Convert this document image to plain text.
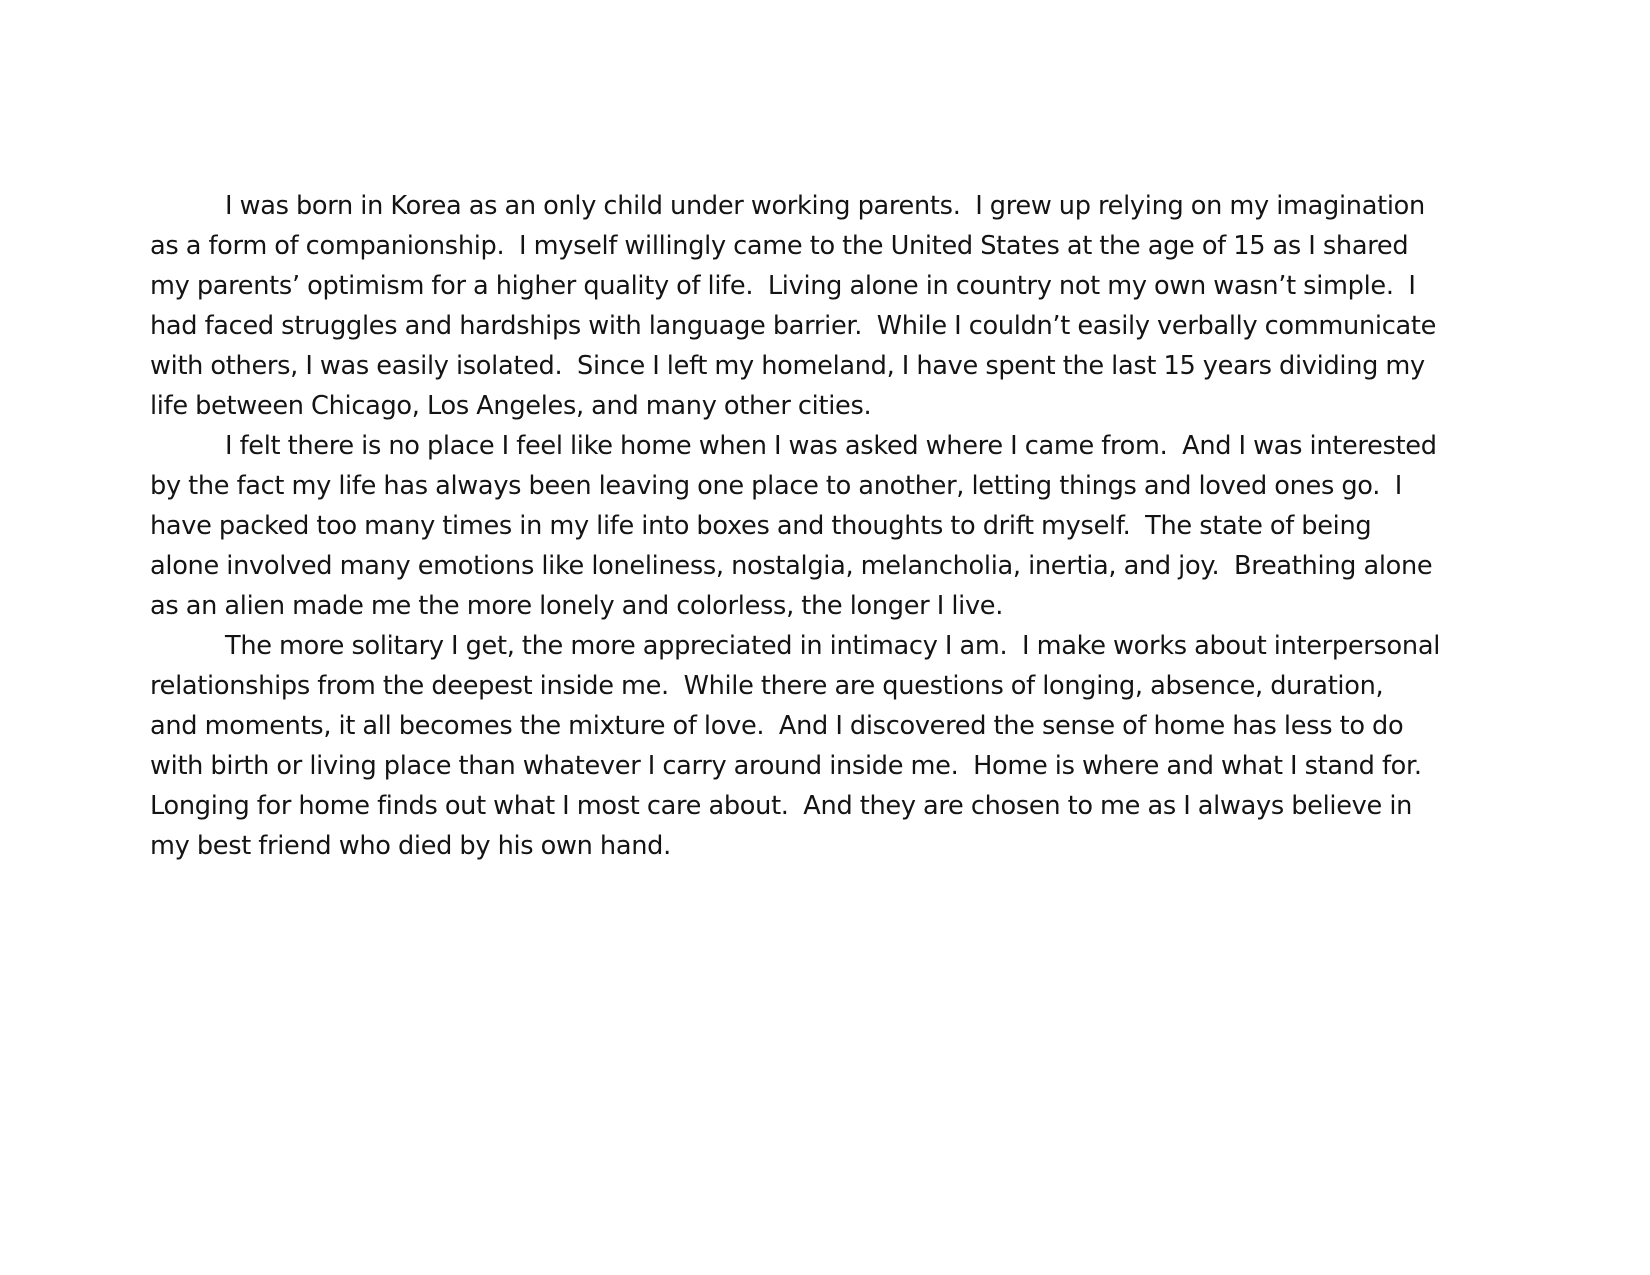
I was born in Korea as an only child under working parents.  I grew up relying on my imagination
as a form of companionship.  I myself willingly came to the United States at the age of 15 as I shared
my parents’ optimism for a higher quality of life.  Living alone in country not my own wasn’t simple.  I
had faced struggles and hardships with language barrier.  While I couldn’t easily verbally communicate
with others, I was easily isolated.  Since I left my homeland, I have spent the last 15 years dividing my
life between Chicago, Los Angeles, and many other cities.
I felt there is no place I feel like home when I was asked where I came from.  And I was interested
by the fact my life has always been leaving one place to another, letting things and loved ones go.  I
have packed too many times in my life into boxes and thoughts to drift myself.  The state of being
alone involved many emotions like loneliness, nostalgia, melancholia, inertia, and joy.  Breathing alone
as an alien made me the more lonely and colorless, the longer I live.
The more solitary I get, the more appreciated in intimacy I am.  I make works about interpersonal
relationships from the deepest inside me.  While there are questions of longing, absence, duration,
and moments, it all becomes the mixture of love.  And I discovered the sense of home has less to do
with birth or living place than whatever I carry around inside me.  Home is where and what I stand for.
Longing for home finds out what I most care about.  And they are chosen to me as I always believe in
my best friend who died by his own hand.
